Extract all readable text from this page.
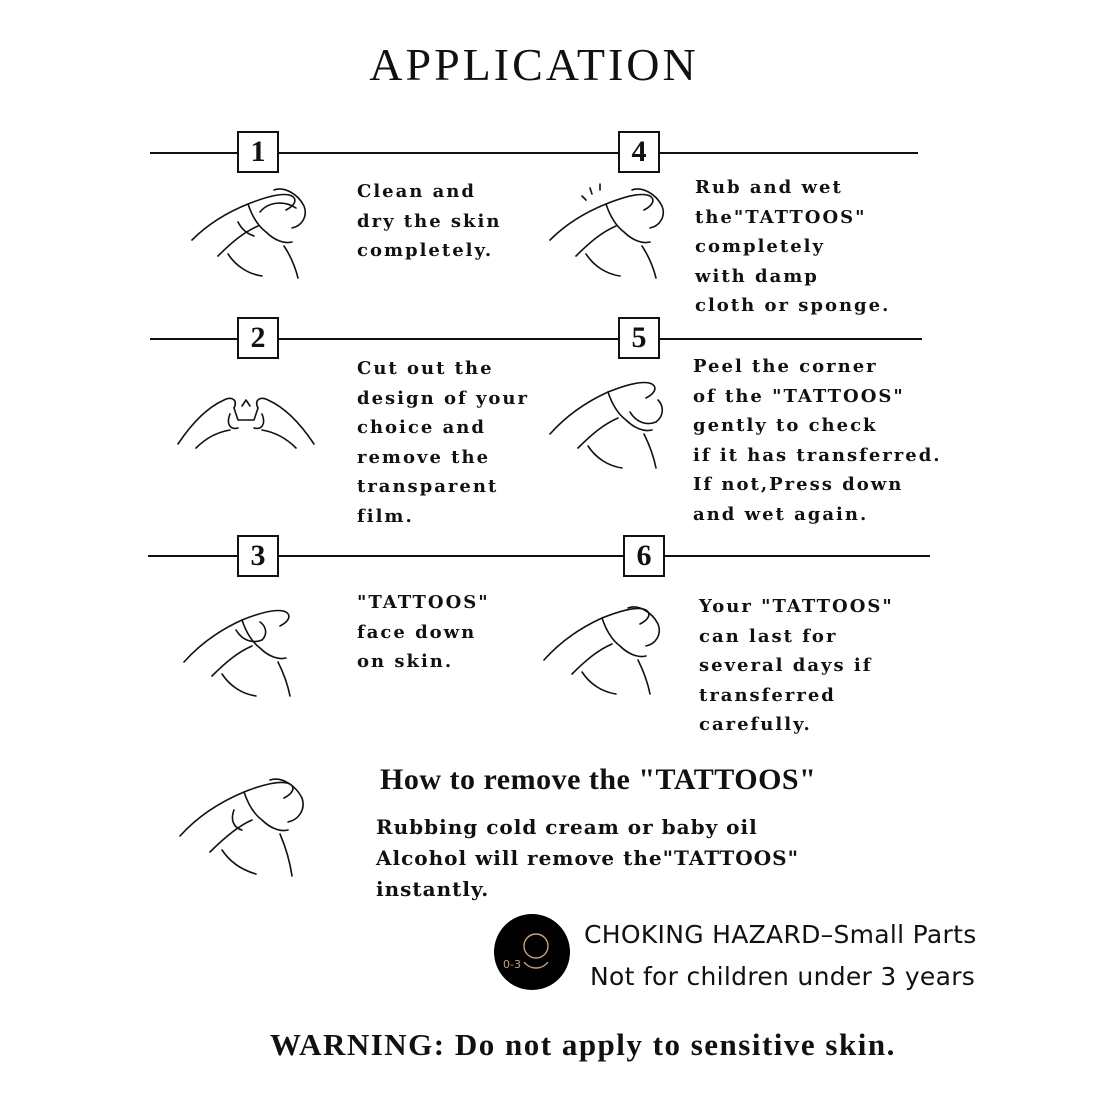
APPLICATION
1	4

Clean and
dry the skin
completely.

Rub and wet
the"TATTOOS"
completely
with damp
cloth or sponge.

2	5

Cut out the
design of your
choice and
remove the
transparent
film.

Peel the corner
of the "TATTOOS"
gently to check
if it has transferred.
If not,Press down
and wet again.

3	6

"TATTOOS"
face down
on skin.

Your "TATTOOS"
can last for
several days if
transferred
carefully.

How to remove the "TATTOOS"

Rubbing cold cream or baby oil
Alcohol will remove the"TATTOOS"
instantly.

0-3

CHOKING HAZARD–Small Parts

Not for children under 3 years

WARNING: Do not apply to sensitive skin.
